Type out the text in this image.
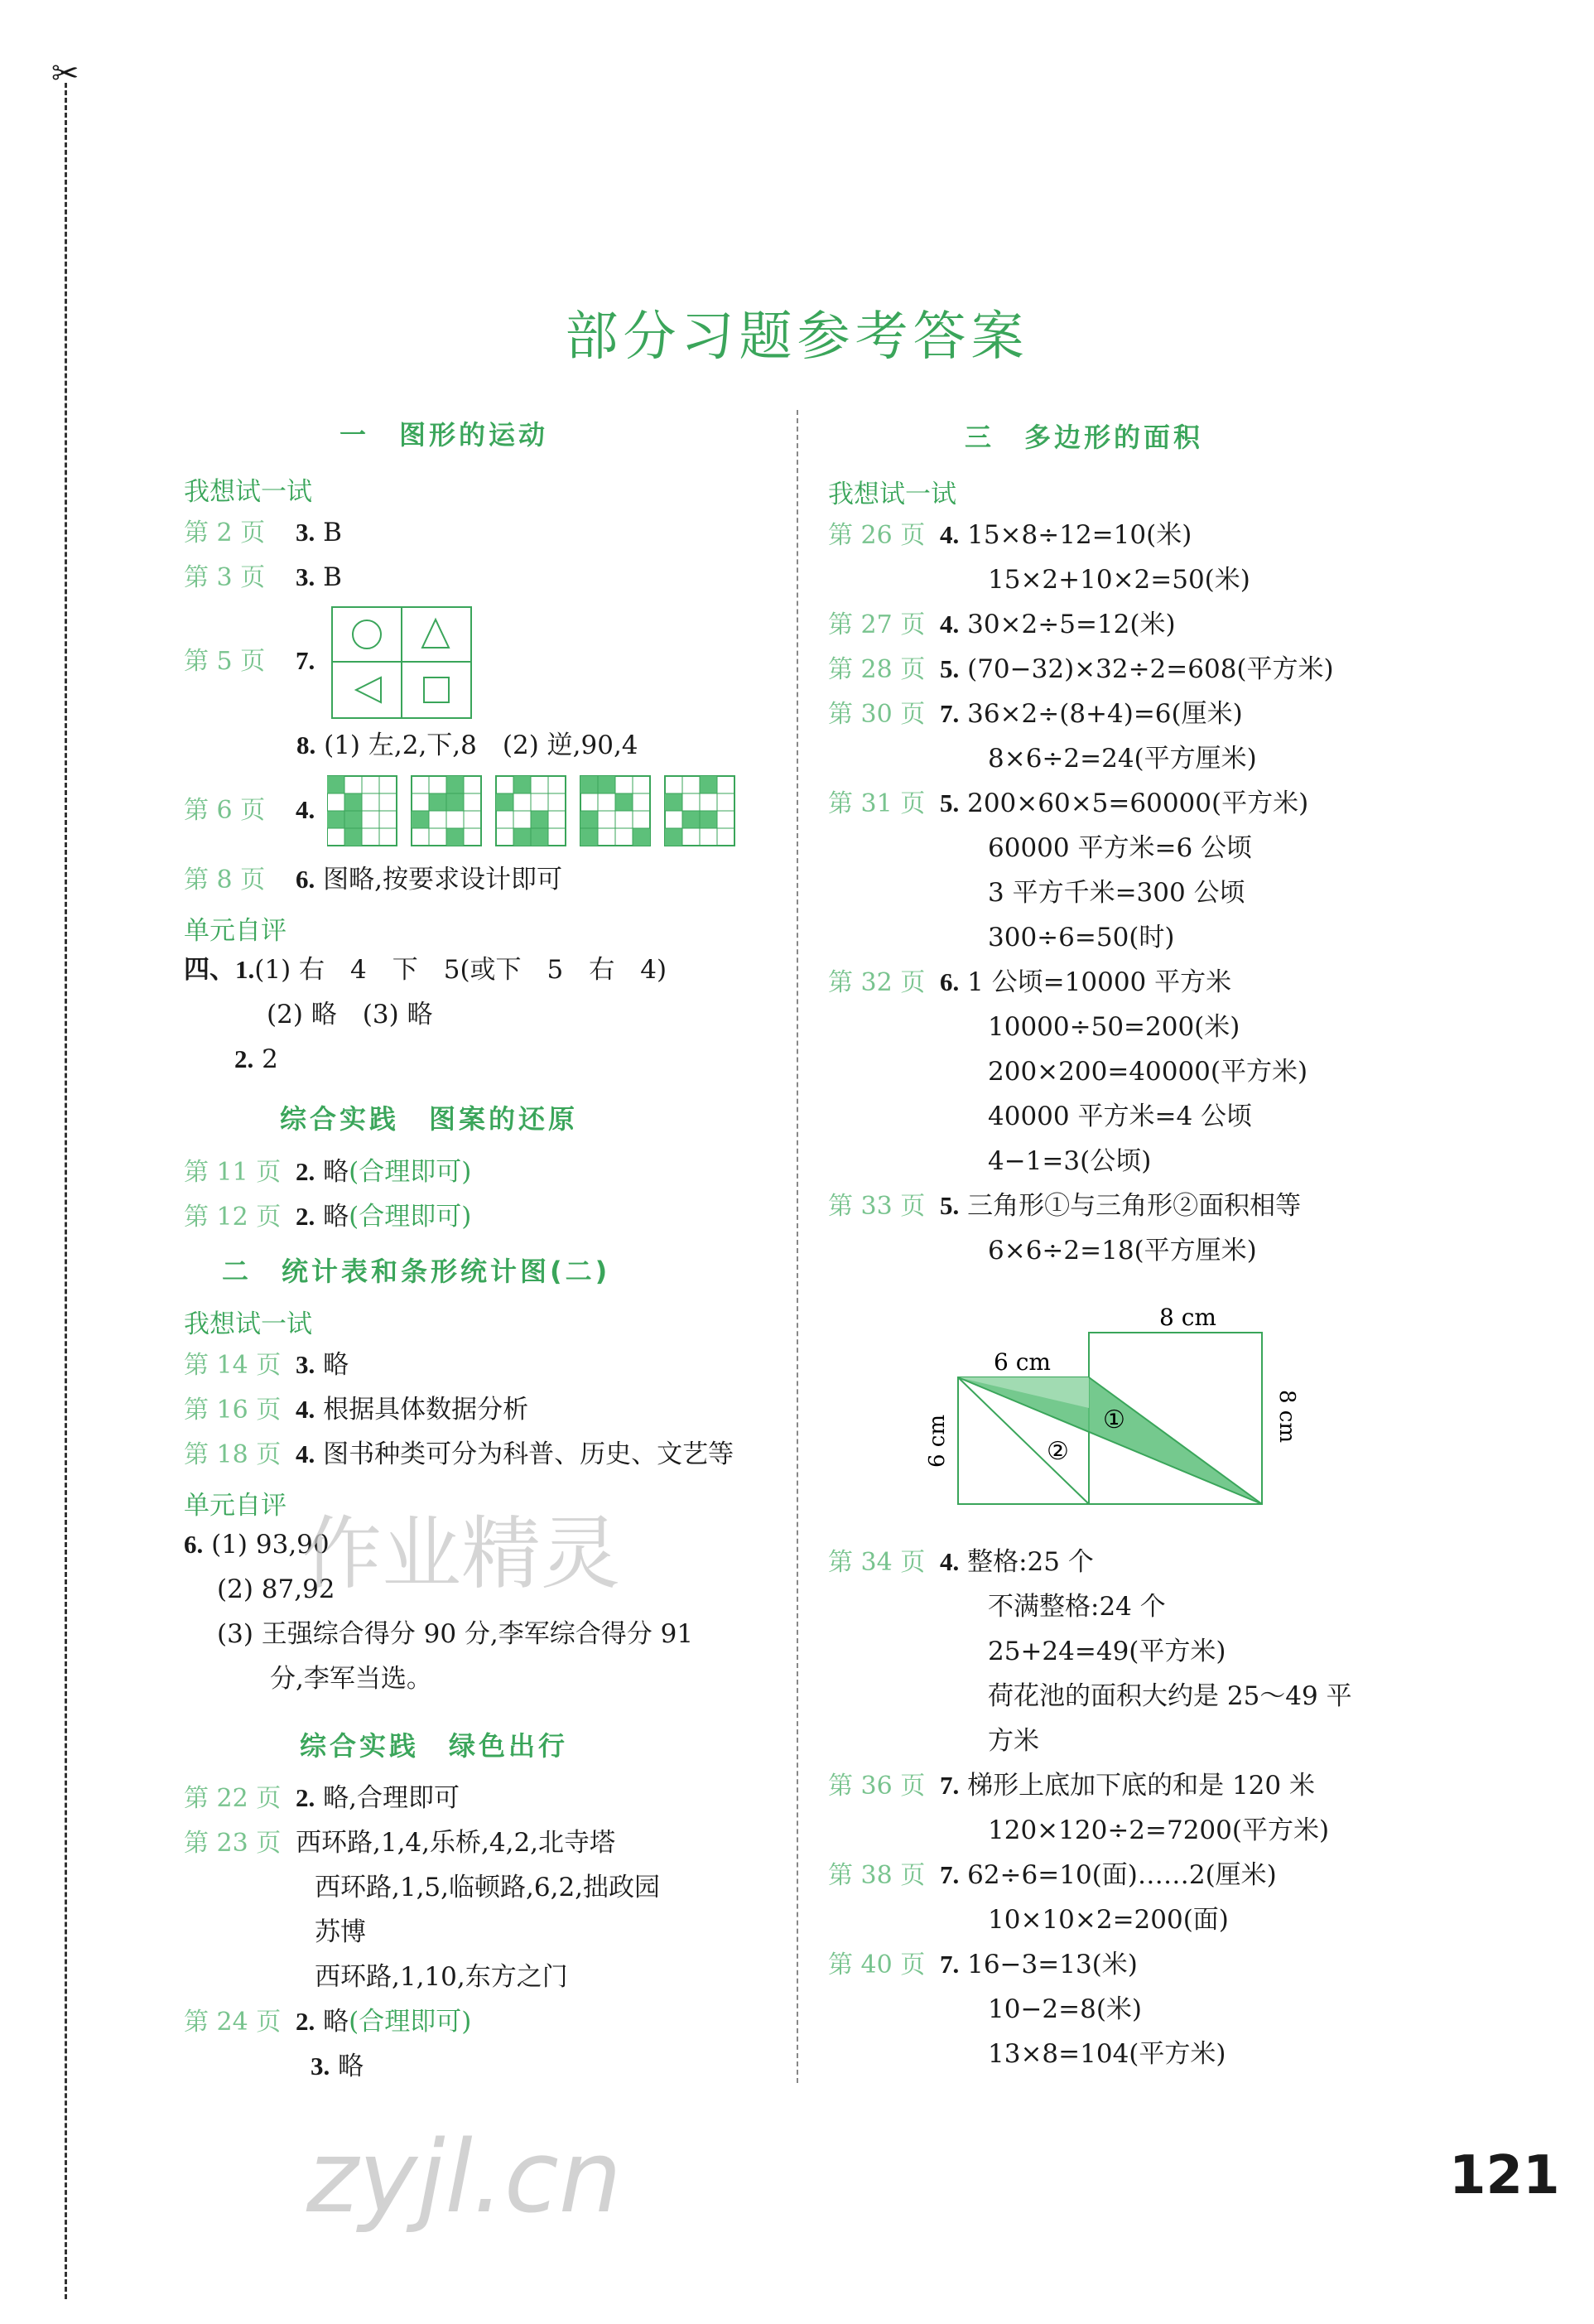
✂
部分习题参考答案
一　图形的运动
我想试一试
第 2 页 3. B
第 3 页 3. B
第 5 页 7.
8. (1) 左,2,下,8　(2) 逆,90,4
第 6 页 4.
第 8 页 6. 图略,按要求设计即可
单元自评
四、1.(1) 右　4　下　5(或下　5　右　4)
(2) 略　(3) 略
2. 2
综合实践　图案的还原
第 11 页 2. 略(合理即可)
第 12 页 2. 略(合理即可)
二　统计表和条形统计图(二)
我想试一试
第 14 页 3. 略
第 16 页 4. 根据具体数据分析
第 18 页 4. 图书种类可分为科普、历史、文艺等
单元自评
6. (1) 93,90
(2) 87,92
(3) 王强综合得分 90 分,李军综合得分 91
分,李军当选。
综合实践　绿色出行
第 22 页 2. 略,合理即可
第 23 页 西环路,1,4,乐桥,4,2,北寺塔
西环路,1,5,临顿路,6,2,拙政园
苏博
西环路,1,10,东方之门
第 24 页 2. 略(合理即可)
3. 略
三　多边形的面积
我想试一试
第 26 页 4. 15×8÷12=10(米)
15×2+10×2=50(米)
第 27 页 4. 30×2÷5=12(米)
第 28 页 5. (70−32)×32÷2=608(平方米)
第 30 页 7. 36×2÷(8+4)=6(厘米)
8×6÷2=24(平方厘米)
第 31 页 5. 200×60×5=60000(平方米)
60000 平方米=6 公顷
3 平方千米=300 公顷
300÷6=50(时)
第 32 页 6. 1 公顷=10000 平方米
10000÷50=200(米)
200×200=40000(平方米)
40000 平方米=4 公顷
4−1=3(公顷)
第 33 页 5. 三角形①与三角形②面积相等
6×6÷2=18(平方厘米)
8 cm
6 cm
6 cm	8 cm
①
②
第 34 页 4. 整格:25 个
不满整格:24 个
25+24=49(平方米)
荷花池的面积大约是 25～49 平
方米
第 36 页 7. 梯形上底加下底的和是 120 米
120×120÷2=7200(平方米)
第 38 页 7. 62÷6=10(面)……2(厘米)
10×10×2=200(面)
第 40 页 7. 16−3=13(米)
10−2=8(米)
13×8=104(平方米)
作业精灵
zyjl.cn	121
